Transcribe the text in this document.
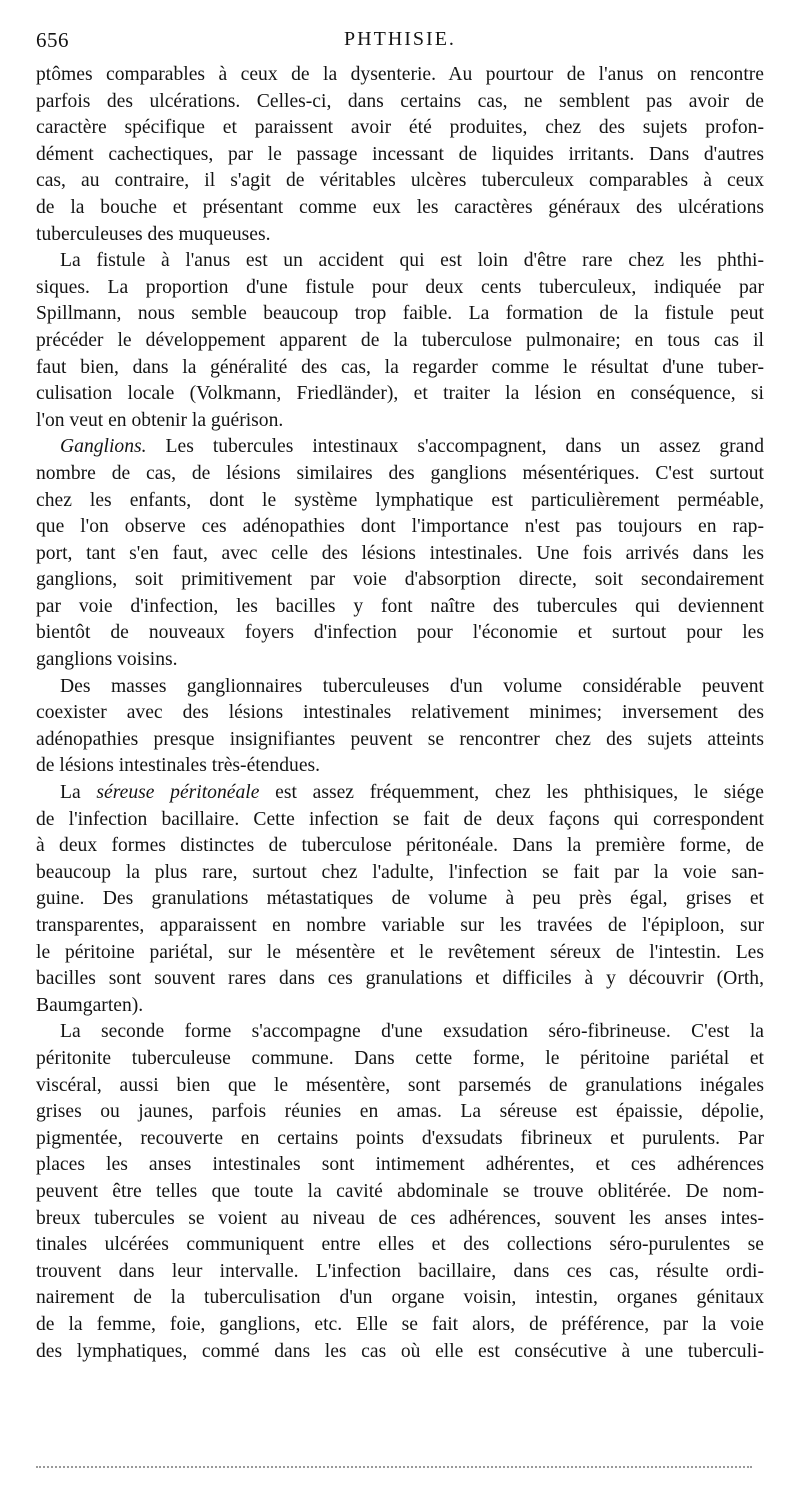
656	PHTHISIE.

ptômes comparables à ceux de la dysenterie. Au pourtour de l'anus on rencontre

parfois des ulcérations. Celles-ci, dans certains cas, ne semblent pas avoir de

caractère spécifique et paraissent avoir été produites, chez des sujets profon-

dément cachectiques, par le passage incessant de liquides irritants. Dans d'autres

cas, au contraire, il s'agit de véritables ulcères tuberculeux comparables à ceux

de la bouche et présentant comme eux les caractères généraux des ulcérations

tuberculeuses des muqueuses.

La fistule à l'anus est un accident qui est loin d'être rare chez les phthi-

siques. La proportion d'une fistule pour deux cents tuberculeux, indiquée par

Spillmann, nous semble beaucoup trop faible. La formation de la fistule peut

précéder le développement apparent de la tuberculose pulmonaire; en tous cas il

faut bien, dans la généralité des cas, la regarder comme le résultat d'une tuber-

culisation locale (Volkmann, Friedländer), et traiter la lésion en conséquence, si

l'on veut en obtenir la guérison.

Ganglions. Les tubercules intestinaux s'accompagnent, dans un assez grand

nombre de cas, de lésions similaires des ganglions mésentériques. C'est surtout

chez les enfants, dont le système lymphatique est particulièrement perméable,

que l'on observe ces adénopathies dont l'importance n'est pas toujours en rap-

port, tant s'en faut, avec celle des lésions intestinales. Une fois arrivés dans les

ganglions, soit primitivement par voie d'absorption directe, soit secondairement

par voie d'infection, les bacilles y font naître des tubercules qui deviennent

bientôt de nouveaux foyers d'infection pour l'économie et surtout pour les

ganglions voisins.

Des masses ganglionnaires tuberculeuses d'un volume considérable peuvent

coexister avec des lésions intestinales relativement minimes; inversement des

adénopathies presque insignifiantes peuvent se rencontrer chez des sujets atteints

de lésions intestinales très-étendues.

La séreuse péritonéale est assez fréquemment, chez les phthisiques, le siége

de l'infection bacillaire. Cette infection se fait de deux façons qui correspondent

à deux formes distinctes de tuberculose péritonéale. Dans la première forme, de

beaucoup la plus rare, surtout chez l'adulte, l'infection se fait par la voie san-

guine. Des granulations métastatiques de volume à peu près égal, grises et

transparentes, apparaissent en nombre variable sur les travées de l'épiploon, sur

le péritoine pariétal, sur le mésentère et le revêtement séreux de l'intestin. Les

bacilles sont souvent rares dans ces granulations et difficiles à y découvrir (Orth,

Baumgarten).

La seconde forme s'accompagne d'une exsudation séro-fibrineuse. C'est la

péritonite tuberculeuse commune. Dans cette forme, le péritoine pariétal et

viscéral, aussi bien que le mésentère, sont parsemés de granulations inégales

grises ou jaunes, parfois réunies en amas. La séreuse est épaissie, dépolie,

pigmentée, recouverte en certains points d'exsudats fibrineux et purulents. Par

places les anses intestinales sont intimement adhérentes, et ces adhérences

peuvent être telles que toute la cavité abdominale se trouve oblitérée. De nom-

breux tubercules se voient au niveau de ces adhérences, souvent les anses intes-

tinales ulcérées communiquent entre elles et des collections séro-purulentes se

trouvent dans leur intervalle. L'infection bacillaire, dans ces cas, résulte ordi-

nairement de la tuberculisation d'un organe voisin, intestin, organes génitaux

de la femme, foie, ganglions, etc. Elle se fait alors, de préférence, par la voie

des lymphatiques, commé dans les cas où elle est consécutive à une tuberculi-
